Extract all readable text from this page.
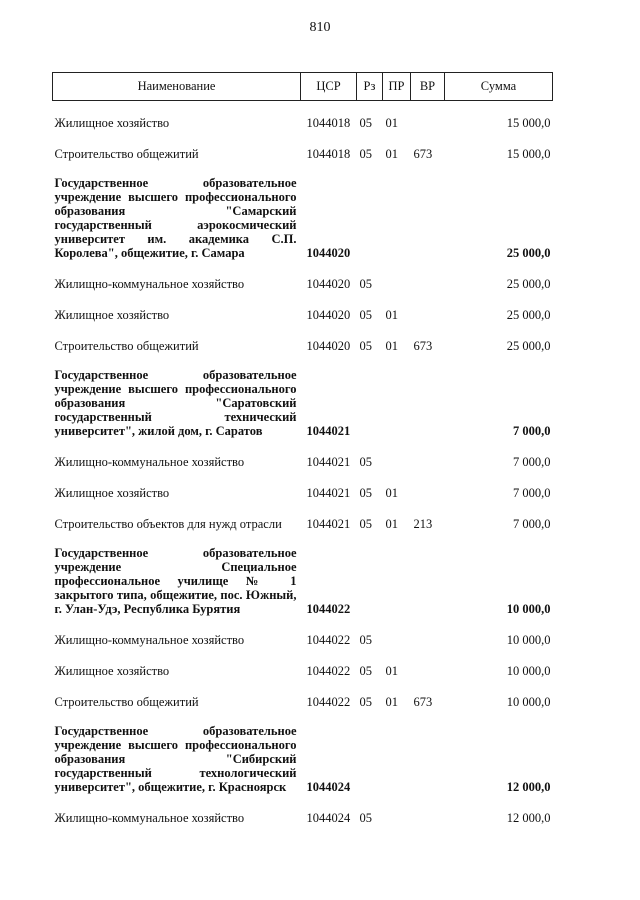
810
Наименование	ЦСР	Рз	ПР	ВР	Сумма

Жилищное хозяйство	1044018	05	01		15 000,0

Строительство общежитий	1044018	05	01	673	15 000,0

Государственное образовательное учреждение высшего профессионального образования "Самарский государственный аэрокосмический университет им. академика С.П. Королева", общежитие, г. Самара	1044020				25 000,0

Жилищно-коммунальное хозяйство	1044020	05			25 000,0

Жилищное хозяйство	1044020	05	01		25 000,0

Строительство общежитий	1044020	05	01	673	25 000,0

Государственное образовательное учреждение высшего профессионального образования "Саратовский государственный технический университет", жилой дом, г. Саратов	1044021				7 000,0

Жилищно-коммунальное хозяйство	1044021	05			7 000,0

Жилищное хозяйство	1044021	05	01		7 000,0

Строительство объектов для нужд отрасли	1044021	05	01	213	7 000,0

Государственное образовательное учреждение Специальное профессиональное училище № 1 закрытого типа, общежитие, пос. Южный, г. Улан-Удэ, Республика Бурятия	1044022				10 000,0

Жилищно-коммунальное хозяйство	1044022	05			10 000,0

Жилищное хозяйство	1044022	05	01		10 000,0

Строительство общежитий	1044022	05	01	673	10 000,0

Государственное образовательное учреждение высшего профессионального образования "Сибирский государственный технологический университет", общежитие, г. Красноярск	1044024				12 000,0

Жилищно-коммунальное хозяйство	1044024	05			12 000,0
